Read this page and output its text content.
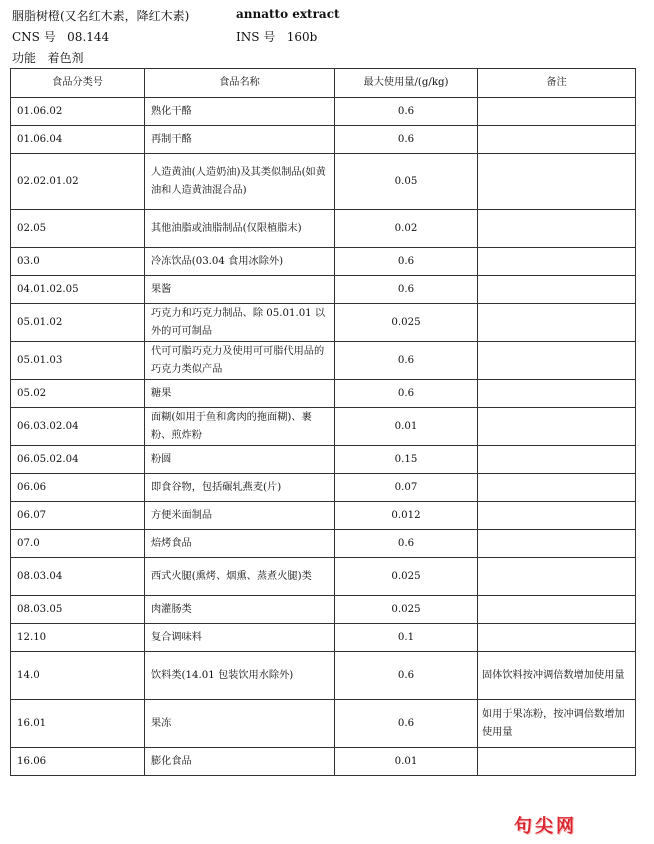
胭脂树橙(又名红木素，降红木素)	annatto extract
CNS 号 08.144	INS 号 160b
功能 着色剂
食品分类号	食品名称	最大使用量/(g/kg)	备注
01.06.02	熟化干酪	0.6	
01.06.04	再制干酪	0.6	
02.02.01.02	人造黄油(人造奶油)及其类似制品(如黄油和人造黄油混合品)	0.05	
02.05	其他油脂或油脂制品(仅限植脂末)	0.02	
03.0	冷冻饮品(03.04 食用冰除外)	0.6	
04.01.02.05	果酱	0.6	
05.01.02	巧克力和巧克力制品、除 05.01.01 以外的可可制品	0.025	
05.01.03	代可可脂巧克力及使用可可脂代用品的巧克力类似产品	0.6	
05.02	糖果	0.6	
06.03.02.04	面糊(如用于鱼和禽肉的拖面糊)、裹粉、煎炸粉	0.01	
06.05.02.04	粉圆	0.15	
06.06	即食谷物，包括碾轧燕麦(片)	0.07	
06.07	方便米面制品	0.012	
07.0	焙烤食品	0.6	
08.03.04	西式火腿(熏烤、烟熏、蒸煮火腿)类	0.025	
08.03.05	肉灌肠类	0.025	
12.10	复合调味料	0.1	
14.0	饮料类(14.01 包装饮用水除外)	0.6	固体饮料按冲调倍数增加使用量
16.01	果冻	0.6	如用于果冻粉，按冲调倍数增加使用量
16.06	膨化食品	0.01	
句尖网
